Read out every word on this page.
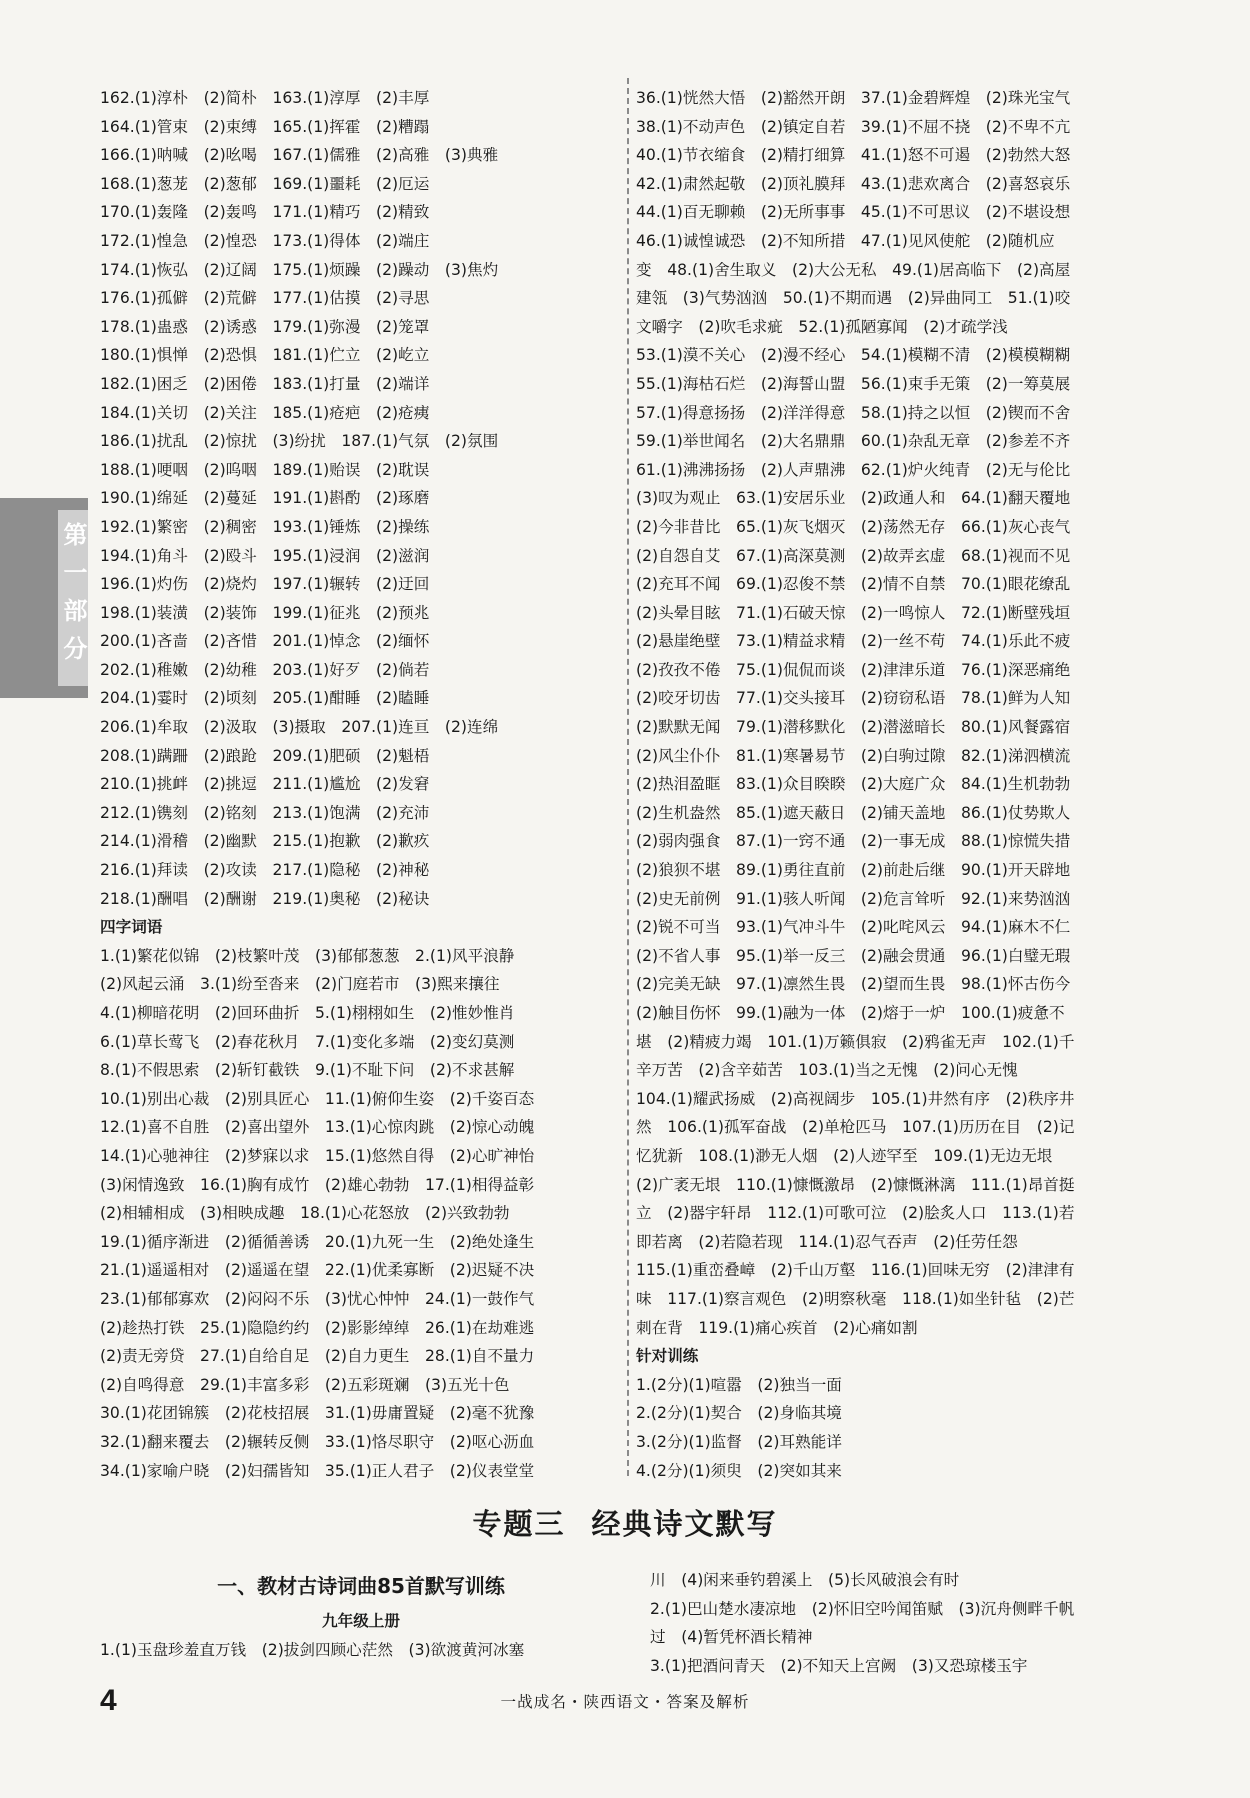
第一部分
162.(1)淳朴　(2)简朴　163.(1)淳厚　(2)丰厚
164.(1)管束　(2)束缚　165.(1)挥霍　(2)糟蹋
166.(1)呐喊　(2)吆喝　167.(1)儒雅　(2)高雅　(3)典雅
168.(1)葱茏　(2)葱郁　169.(1)噩耗　(2)厄运
170.(1)轰隆　(2)轰鸣　171.(1)精巧　(2)精致
172.(1)惶急　(2)惶恐　173.(1)得体　(2)端庄
174.(1)恢弘　(2)辽阔　175.(1)烦躁　(2)躁动　(3)焦灼
176.(1)孤僻　(2)荒僻　177.(1)估摸　(2)寻思
178.(1)蛊惑　(2)诱惑　179.(1)弥漫　(2)笼罩
180.(1)惧惮　(2)恐惧　181.(1)伫立　(2)屹立
182.(1)困乏　(2)困倦　183.(1)打量　(2)端详
184.(1)关切　(2)关注　185.(1)疮疤　(2)疮痍
186.(1)扰乱　(2)惊扰　(3)纷扰　187.(1)气氛　(2)氛围
188.(1)哽咽　(2)呜咽　189.(1)贻误　(2)耽误
190.(1)绵延　(2)蔓延　191.(1)斟酌　(2)琢磨
192.(1)繁密　(2)稠密　193.(1)锤炼　(2)操练
194.(1)角斗　(2)殴斗　195.(1)浸润　(2)滋润
196.(1)灼伤　(2)烧灼　197.(1)辗转　(2)迂回
198.(1)装潢　(2)装饰　199.(1)征兆　(2)预兆
200.(1)吝啬　(2)吝惜　201.(1)悼念　(2)缅怀
202.(1)稚嫩　(2)幼稚　203.(1)好歹　(2)倘若
204.(1)霎时　(2)顷刻　205.(1)酣睡　(2)瞌睡
206.(1)牟取　(2)汲取　(3)摄取　207.(1)连亘　(2)连绵
208.(1)蹒跚　(2)踉跄　209.(1)肥硕　(2)魁梧
210.(1)挑衅　(2)挑逗　211.(1)尴尬　(2)发窘
212.(1)镌刻　(2)铭刻　213.(1)饱满　(2)充沛
214.(1)滑稽　(2)幽默　215.(1)抱歉　(2)歉疚
216.(1)拜读　(2)攻读　217.(1)隐秘　(2)神秘
218.(1)酬唱　(2)酬谢　219.(1)奥秘　(2)秘诀
四字词语
1.(1)繁花似锦　(2)枝繁叶茂　(3)郁郁葱葱　2.(1)风平浪静
(2)风起云涌　3.(1)纷至沓来　(2)门庭若市　(3)熙来攘往
4.(1)柳暗花明　(2)回环曲折　5.(1)栩栩如生　(2)惟妙惟肖
6.(1)草长莺飞　(2)春花秋月　7.(1)变化多端　(2)变幻莫测
8.(1)不假思索　(2)斩钉截铁　9.(1)不耻下问　(2)不求甚解
10.(1)别出心裁　(2)别具匠心　11.(1)俯仰生姿　(2)千姿百态
12.(1)喜不自胜　(2)喜出望外　13.(1)心惊肉跳　(2)惊心动魄
14.(1)心驰神往　(2)梦寐以求　15.(1)悠然自得　(2)心旷神怡
(3)闲情逸致　16.(1)胸有成竹　(2)雄心勃勃　17.(1)相得益彰
(2)相辅相成　(3)相映成趣　18.(1)心花怒放　(2)兴致勃勃
19.(1)循序渐进　(2)循循善诱　20.(1)九死一生　(2)绝处逢生
21.(1)遥遥相对　(2)遥遥在望　22.(1)优柔寡断　(2)迟疑不决
23.(1)郁郁寡欢　(2)闷闷不乐　(3)忧心忡忡　24.(1)一鼓作气
(2)趁热打铁　25.(1)隐隐约约　(2)影影绰绰　26.(1)在劫难逃
(2)责无旁贷　27.(1)自给自足　(2)自力更生　28.(1)自不量力
(2)自鸣得意　29.(1)丰富多彩　(2)五彩斑斓　(3)五光十色
30.(1)花团锦簇　(2)花枝招展　31.(1)毋庸置疑　(2)毫不犹豫
32.(1)翻来覆去　(2)辗转反侧　33.(1)恪尽职守　(2)呕心沥血
34.(1)家喻户晓　(2)妇孺皆知　35.(1)正人君子　(2)仪表堂堂
36.(1)恍然大悟　(2)豁然开朗　37.(1)金碧辉煌　(2)珠光宝气
38.(1)不动声色　(2)镇定自若　39.(1)不屈不挠　(2)不卑不亢
40.(1)节衣缩食　(2)精打细算　41.(1)怒不可遏　(2)勃然大怒
42.(1)肃然起敬　(2)顶礼膜拜　43.(1)悲欢离合　(2)喜怒哀乐
44.(1)百无聊赖　(2)无所事事　45.(1)不可思议　(2)不堪设想
46.(1)诚惶诚恐　(2)不知所措　47.(1)见风使舵　(2)随机应
变　48.(1)舍生取义　(2)大公无私　49.(1)居高临下　(2)高屋
建瓴　(3)气势汹汹　50.(1)不期而遇　(2)异曲同工　51.(1)咬
文嚼字　(2)吹毛求疵　52.(1)孤陋寡闻　(2)才疏学浅
53.(1)漠不关心　(2)漫不经心　54.(1)模糊不清　(2)模模糊糊
55.(1)海枯石烂　(2)海誓山盟　56.(1)束手无策　(2)一筹莫展
57.(1)得意扬扬　(2)洋洋得意　58.(1)持之以恒　(2)锲而不舍
59.(1)举世闻名　(2)大名鼎鼎　60.(1)杂乱无章　(2)参差不齐
61.(1)沸沸扬扬　(2)人声鼎沸　62.(1)炉火纯青　(2)无与伦比
(3)叹为观止　63.(1)安居乐业　(2)政通人和　64.(1)翻天覆地
(2)今非昔比　65.(1)灰飞烟灭　(2)荡然无存　66.(1)灰心丧气
(2)自怨自艾　67.(1)高深莫测　(2)故弄玄虚　68.(1)视而不见
(2)充耳不闻　69.(1)忍俊不禁　(2)情不自禁　70.(1)眼花缭乱
(2)头晕目眩　71.(1)石破天惊　(2)一鸣惊人　72.(1)断壁残垣
(2)悬崖绝壁　73.(1)精益求精　(2)一丝不苟　74.(1)乐此不疲
(2)孜孜不倦　75.(1)侃侃而谈　(2)津津乐道　76.(1)深恶痛绝
(2)咬牙切齿　77.(1)交头接耳　(2)窃窃私语　78.(1)鲜为人知
(2)默默无闻　79.(1)潜移默化　(2)潜滋暗长　80.(1)风餐露宿
(2)风尘仆仆　81.(1)寒暑易节　(2)白驹过隙　82.(1)涕泗横流
(2)热泪盈眶　83.(1)众目睽睽　(2)大庭广众　84.(1)生机勃勃
(2)生机盎然　85.(1)遮天蔽日　(2)铺天盖地　86.(1)仗势欺人
(2)弱肉强食　87.(1)一窍不通　(2)一事无成　88.(1)惊慌失措
(2)狼狈不堪　89.(1)勇往直前　(2)前赴后继　90.(1)开天辟地
(2)史无前例　91.(1)骇人听闻　(2)危言耸听　92.(1)来势汹汹
(2)锐不可当　93.(1)气冲斗牛　(2)叱咤风云　94.(1)麻木不仁
(2)不省人事　95.(1)举一反三　(2)融会贯通　96.(1)白璧无瑕
(2)完美无缺　97.(1)凛然生畏　(2)望而生畏　98.(1)怀古伤今
(2)触目伤怀　99.(1)融为一体　(2)熔于一炉　100.(1)疲惫不
堪　(2)精疲力竭　101.(1)万籁俱寂　(2)鸦雀无声　102.(1)千
辛万苦　(2)含辛茹苦　103.(1)当之无愧　(2)问心无愧
104.(1)耀武扬威　(2)高视阔步　105.(1)井然有序　(2)秩序井
然　106.(1)孤军奋战　(2)单枪匹马　107.(1)历历在目　(2)记
忆犹新　108.(1)渺无人烟　(2)人迹罕至　109.(1)无边无垠
(2)广袤无垠　110.(1)慷慨激昂　(2)慷慨淋漓　111.(1)昂首挺
立　(2)器宇轩昂　112.(1)可歌可泣　(2)脍炙人口　113.(1)若
即若离　(2)若隐若现　114.(1)忍气吞声　(2)任劳任怨
115.(1)重峦叠嶂　(2)千山万壑　116.(1)回味无穷　(2)津津有
味　117.(1)察言观色　(2)明察秋毫　118.(1)如坐针毡　(2)芒
刺在背　119.(1)痛心疾首　(2)心痛如割
针对训练
1.(2分)(1)喧嚣　(2)独当一面
2.(2分)(1)契合　(2)身临其境
3.(2分)(1)监督　(2)耳熟能详
4.(2分)(1)须臾　(2)突如其来
专题三 经典诗文默写
一、教材古诗词曲85首默写训练
九年级上册
1.(1)玉盘珍羞直万钱　(2)拔剑四顾心茫然　(3)欲渡黄河冰塞
川　(4)闲来垂钓碧溪上　(5)长风破浪会有时
2.(1)巴山楚水凄凉地　(2)怀旧空吟闻笛赋　(3)沉舟侧畔千帆
过　(4)暂凭杯酒长精神
3.(1)把酒问青天　(2)不知天上宫阙　(3)又恐琼楼玉宇
4	一战成名・陕西语文・答案及解析
